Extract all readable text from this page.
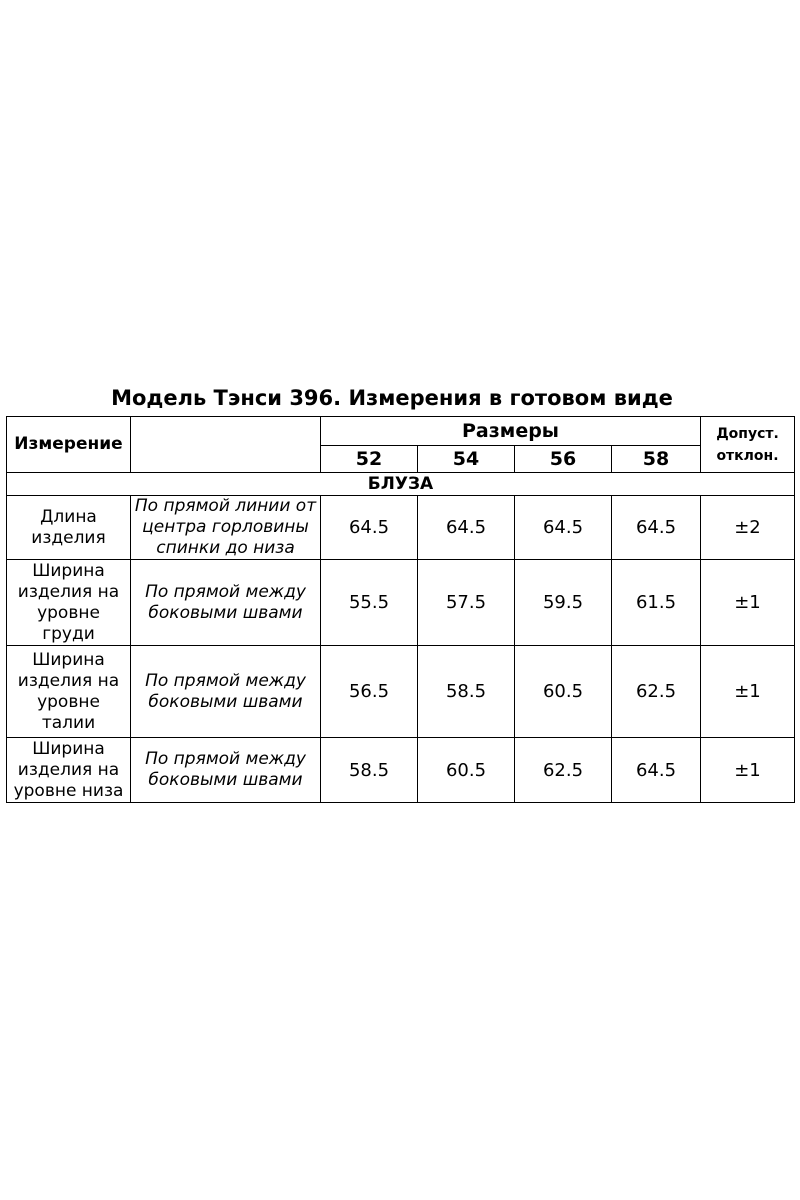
Модель Тэнси 396. Измерения в готовом виде
Измерение		Размеры				Допуст.
отклон.
		52	54	56	58	
БЛУЗА						
Длина изделия	По прямой линии от центра горловины спинки до низа	64.5	64.5	64.5	64.5	±2
Ширина изделия на уровне груди	По прямой между боковыми швами	55.5	57.5	59.5	61.5	±1
Ширина изделия на уровне талии	По прямой между боковыми швами	56.5	58.5	60.5	62.5	±1
Ширина изделия на уровне низа	По прямой между боковыми швами	58.5	60.5	62.5	64.5	±1
